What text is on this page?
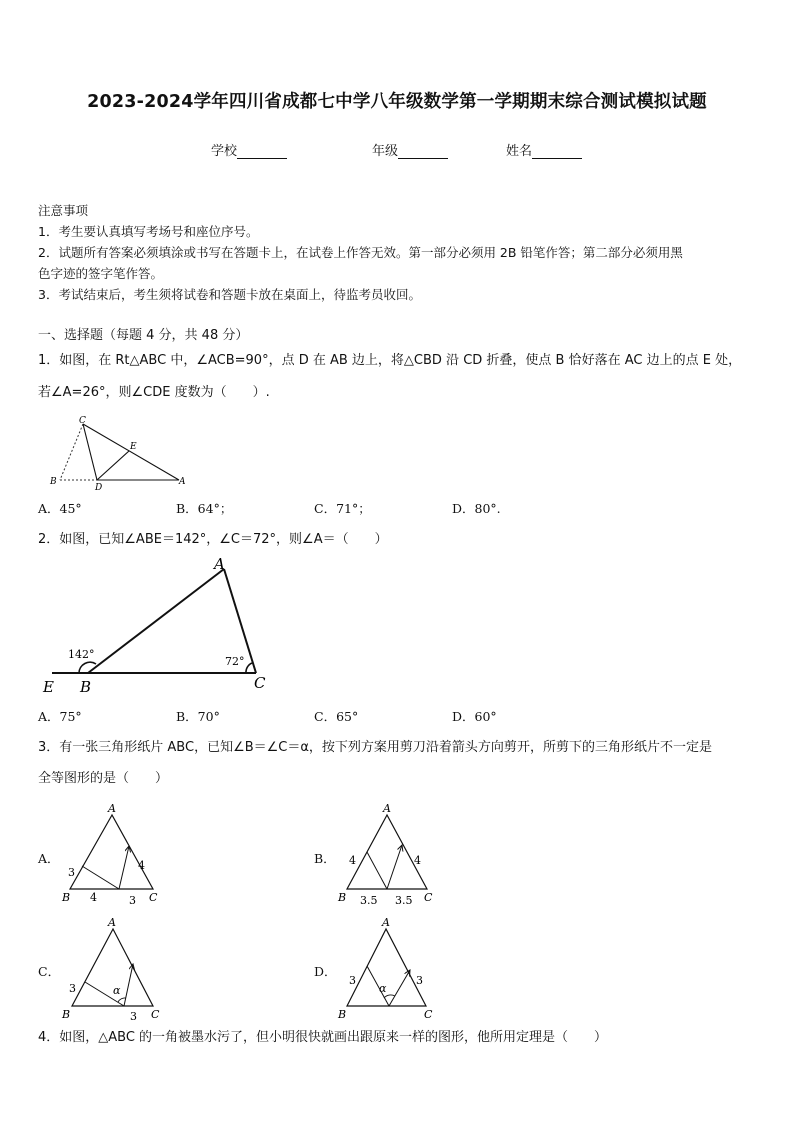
2023-2024学年四川省成都七中学八年级数学第一学期期末综合测试模拟试题
学校	年级	姓名
注意事项
1．考生要认真填写考场号和座位序号。
2．试题所有答案必须填涂或书写在答题卡上，在试卷上作答无效。第一部分必须用 2B 铅笔作答；第二部分必须用黑
色字迹的签字笔作答。
3．考试结束后，考生须将试卷和答题卡放在桌面上，待监考员收回。
一、选择题（每题 4 分，共 48 分）
1．如图，在 Rt△ABC 中，∠ACB=90°，点 D 在 AB 边上，将△CBD 沿 CD 折叠，使点 B 恰好落在 AC 边上的点 E 处，
若∠A=26°，则∠CDE 度数为（　　）.
C
E
B
D
A
A．45°	B．64°；	C．71°；	D．80°.
2．如图，已知∠ABE＝142°，∠C＝72°，则∠A＝（　　）
A
E B	C
142°
72°
A．75°	B．70°	C．65°	D．60°
3．有一张三角形纸片 ABC，已知∠B＝∠C＝α，按下列方案用剪刀沿着箭头方向剪开，所剪下的三角形纸片不一定是
全等图形的是（　　）
A．
A
B	C
3
4	3
4	B．
A
B	C
4
3.5 3.5
4
C．
A
B	C
3	α
3
D．
A
B	C
3
α
3
4．如图，△ABC 的一角被墨水污了，但小明很快就画出跟原来一样的图形，他所用定理是（　　）
